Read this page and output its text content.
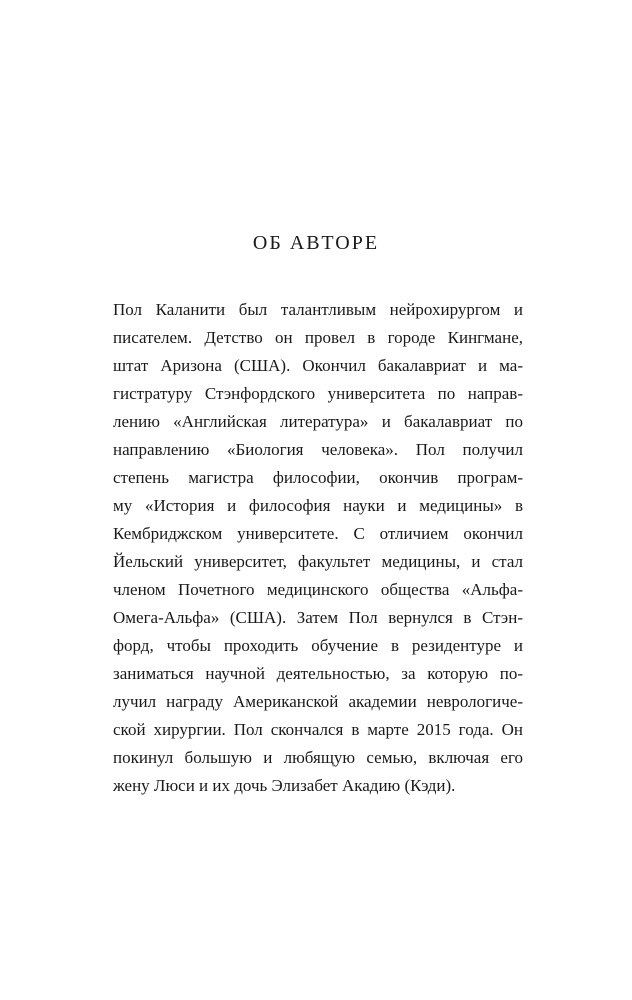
ОБ АВТОРЕ
Пол Каланити был талантливым нейрохирургом и
писателем. Детство он провел в городе Кингмане,
штат Аризона (США). Окончил бакалавриат и ма-
гистратуру Стэнфордского университета по направ-
лению «Английская литература» и бакалавриат по
направлению «Биология человека». Пол получил
степень магистра философии, окончив програм-
му «История и философия науки и медицины» в
Кембриджском университете. С отличием окончил
Йельский университет, факультет медицины, и стал
членом Почетного медицинского общества «Альфа-
Омега-Альфа» (США). Затем Пол вернулся в Стэн-
форд, чтобы проходить обучение в резидентуре и
заниматься научной деятельностью, за которую по-
лучил награду Американской академии неврологиче-
ской хирургии. Пол скончался в марте 2015 года. Он
покинул большую и любящую семью, включая его
жену Люси и их дочь Элизабет Акадию (Кэди).
